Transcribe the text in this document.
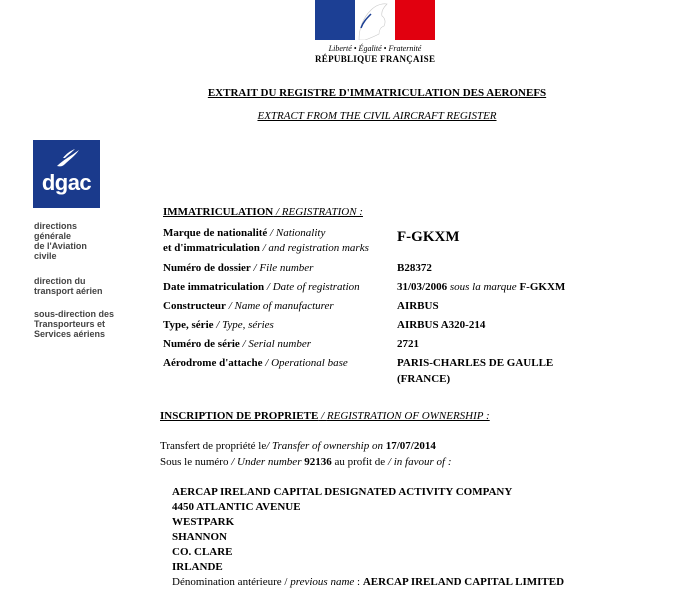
Liberté • Égalité • Fraternité
RÉPUBLIQUE FRANÇAISE
EXTRAIT DU REGISTRE D'IMMATRICULATION DES AERONEFS
EXTRACT FROM THE CIVIL AIRCRAFT REGISTER
dgac
directions
générale
de l'Aviation
civile
direction du
transport aérien
sous-direction des
Transporteurs et
Services aériens
IMMATRICULATION / REGISTRATION :
Marque de nationalité / Nationality
et d'immatriculation / and registration marks
F-GKXM
Numéro de dossier / File number	B28372
Date immatriculation / Date of registration	31/03/2006 sous la marque F-GKXM
Constructeur / Name of manufacturer	AIRBUS
Type, série / Type, séries	AIRBUS A320-214
Numéro de série / Serial number	2721
Aérodrome d'attache / Operational base	PARIS-CHARLES DE GAULLE
(FRANCE)
INSCRIPTION DE PROPRIETE / REGISTRATION OF OWNERSHIP :
Transfert de propriété le/ Transfer of ownership on 17/07/2014
Sous le numéro / Under number 92136 au profit de / in favour of :
AERCAP IRELAND CAPITAL DESIGNATED ACTIVITY COMPANY
4450 ATLANTIC AVENUE
WESTPARK
SHANNON
CO. CLARE
IRLANDE
Dénomination antérieure / previous name : AERCAP IRELAND CAPITAL LIMITED
